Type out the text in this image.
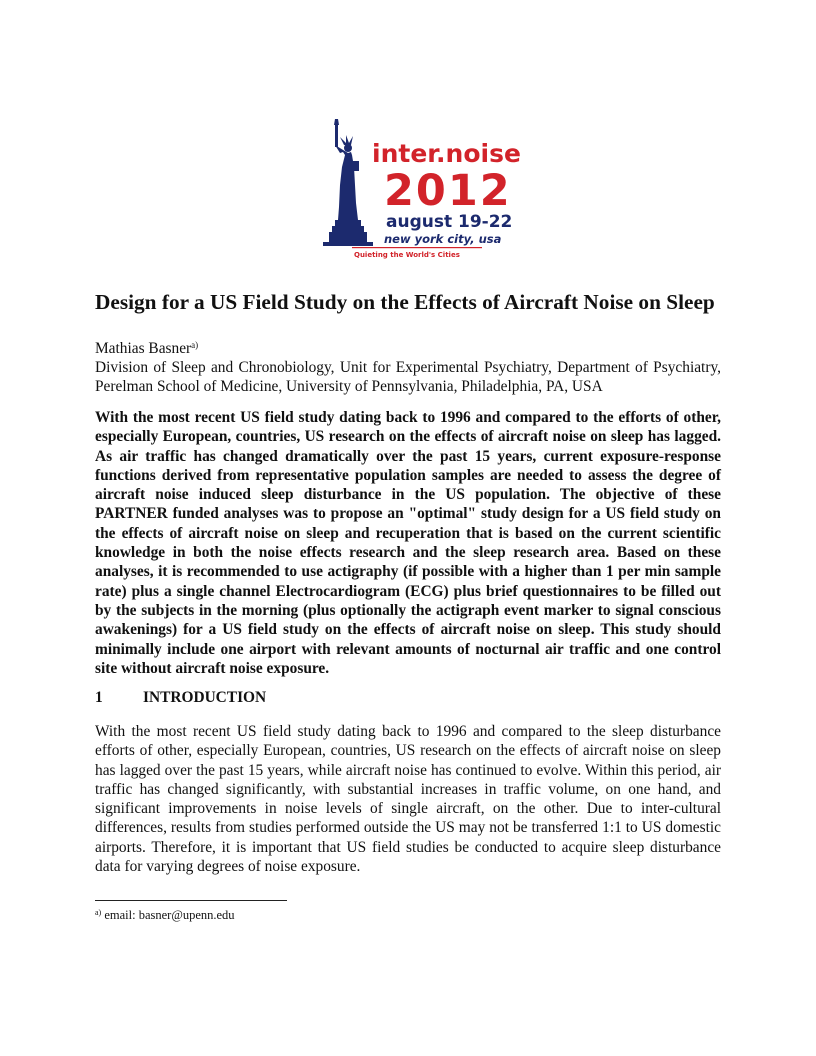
inter.noise
2012
august 19-22
new york city, usa
Quieting the World's Cities
Design for a US Field Study on the Effects of Aircraft Noise on Sleep
Mathias Basner$^{a)}$
Division of Sleep and Chronobiology, Unit for Experimental Psychiatry, Department of Psychiatry, Perelman School of Medicine, University of Pennsylvania, Philadelphia, PA, USA
With the most recent US field study dating back to 1996 and compared to the efforts of other, especially European, countries, US research on the effects of aircraft noise on sleep has lagged. As air traffic has changed dramatically over the past 15 years, current exposure-response functions derived from representative population samples are needed to assess the degree of aircraft noise induced sleep disturbance in the US population. The objective of these PARTNER funded analyses was to propose an "optimal" study design for a US field study on the effects of aircraft noise on sleep and recuperation that is based on the current scientific knowledge in both the noise effects research and the sleep research area. Based on these analyses, it is recommended to use actigraphy (if possible with a higher than 1 per min sample rate) plus a single channel Electrocardiogram (ECG) plus brief questionnaires to be filled out by the subjects in the morning (plus optionally the actigraph event marker to signal conscious awakenings) for a US field study on the effects of aircraft noise on sleep. This study should minimally include one airport with relevant amounts of nocturnal air traffic and one control site without aircraft noise exposure.
1	INTRODUCTION
With the most recent US field study dating back to 1996 and compared to the sleep disturbance efforts of other, especially European, countries, US research on the effects of aircraft noise on sleep has lagged over the past 15 years, while aircraft noise has continued to evolve. Within this period, air traffic has changed significantly, with substantial increases in traffic volume, on one hand, and significant improvements in noise levels of single aircraft, on the other. Due to inter-cultural differences, results from studies performed outside the US may not be transferred 1:1 to US domestic airports. Therefore, it is important that US field studies be conducted to acquire sleep disturbance data for varying degrees of noise exposure.
$^{a)}$ email: basner@upenn.edu
